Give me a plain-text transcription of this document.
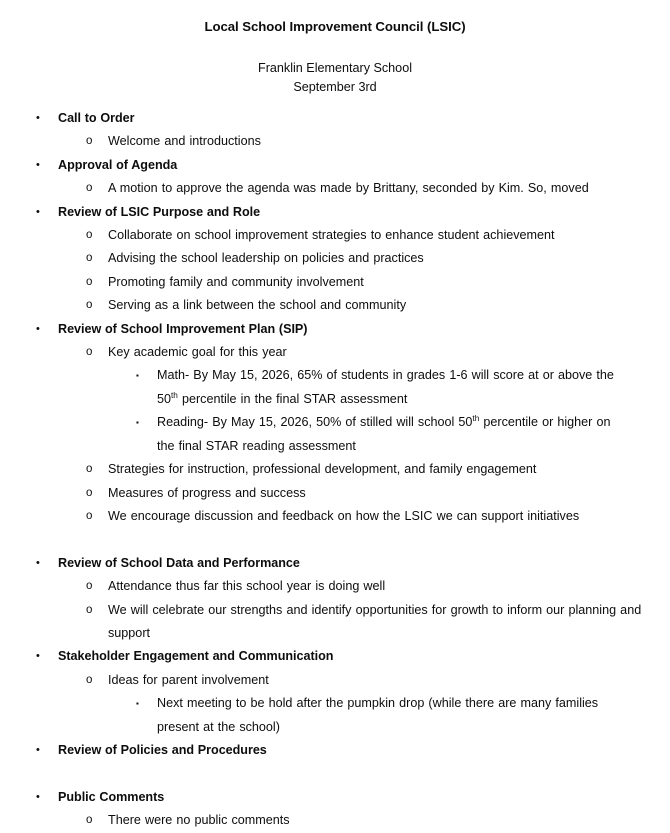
Local School Improvement Council (LSIC)
Franklin Elementary School
September 3rd
• Call to Order
o Welcome and introductions
• Approval of Agenda
o A motion to approve the agenda was made by Brittany, seconded by Kim. So, moved
• Review of LSIC Purpose and Role
o Collaborate on school improvement strategies to enhance student achievement
o Advising the school leadership on policies and practices
o Promoting family and community involvement
o Serving as a link between the school and community
• Review of School Improvement Plan (SIP)
o Key academic goal for this year
▪ Math- By May 15, 2026, 65% of students in grades 1-6 will score at or above the 50th percentile in the final STAR assessment
▪ Reading- By May 15, 2026, 50% of stilled will school 50th percentile or higher on the final STAR reading assessment
o Strategies for instruction, professional development, and family engagement
o Measures of progress and success
o We encourage discussion and feedback on how the LSIC we can support initiatives
• Review of School Data and Performance
o Attendance thus far this school year is doing well
o We will celebrate our strengths and identify opportunities for growth to inform our planning and support
• Stakeholder Engagement and Communication
o Ideas for parent involvement
▪ Next meeting to be hold after the pumpkin drop (while there are many families present at the school)
• Review of Policies and Procedures
• Public Comments
o There were no public comments
